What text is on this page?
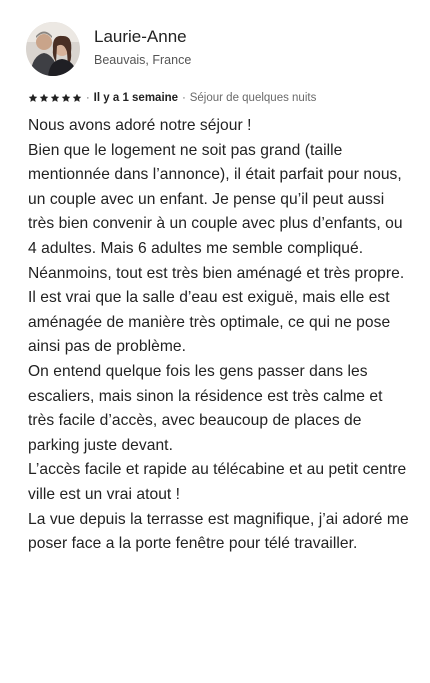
Laurie-Anne
Beauvais, France
· Il y a 1 semaine · Séjour de quelques nuits

Nous avons adoré notre séjour !

Bien que le logement ne soit pas grand (taille mentionnée dans l’annonce), il était parfait pour nous, un couple avec un enfant. Je pense qu’il peut aussi très bien convenir à un couple avec plus d’enfants, ou 4 adultes. Mais 6 adultes me semble compliqué.

Néanmoins, tout est très bien aménagé et très propre. Il est vrai que la salle d’eau est exiguë, mais elle est aménagée de manière très optimale, ce qui ne pose ainsi pas de problème.

On entend quelque fois les gens passer dans les escaliers, mais sinon la résidence est très calme et très facile d’accès, avec beaucoup de places de parking juste devant.

L’accès facile et rapide au télécabine et au petit centre ville est un vrai atout !

La vue depuis la terrasse est magnifique, j’ai adoré me poser face a la porte fenêtre pour télé travailler.
